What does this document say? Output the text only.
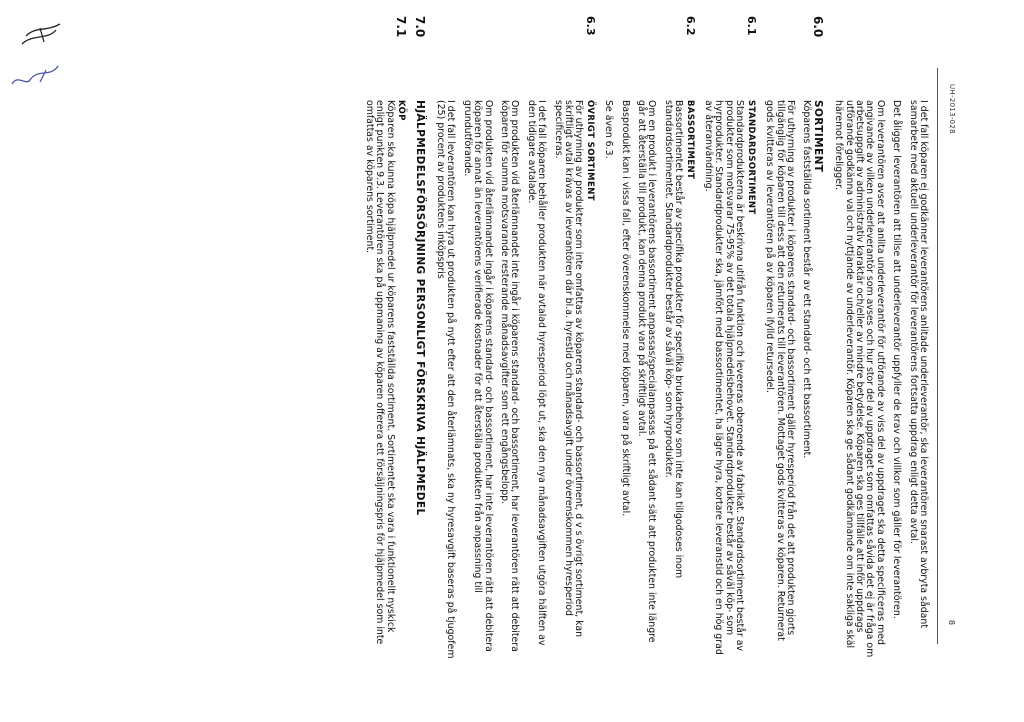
UH-2013-028
8

I det fall köparen ej godkänner leverantörens anlitade underleverantör, ska leverantören snarast avbryta sådant samarbete med aktuell underleverantör för leverantörens fortsatta uppdrag enligt detta avtal.

Det åligger leverantören att tillse att underleverantör uppfyller de krav och villkor som gäller för leverantören.

Om leverantören avser att anlita underleverantör för utförande av viss del av uppdraget ska detta specificeras med angivande av vilken underleverantör som avses och hur stor del av uppdraget som omfattas såvida det ej är fråga om arbetsuppgift av administrativ karaktär och/eller av mindre betydelse. Köparen ska ges tillfälle att inför uppdrags utförande godkänna val och nyttjande av underleverantör. Köparen ska ge sådant godkännande om inte sakliga skäl häremot föreligger.

6.0
SORTIMENT

Köparens fastställda sortiment består av ett standard- och ett bassortiment.

För uthyrning av produkter i köparens standard- och bassortiment gäller hyresperiod från det att produkten gjorts tillgänglig för köparen till dess att den returnerats till leverantören. Mottaget gods kvitteras av köparen. Returnerat gods kvitteras av leverantören på av köparen ifylld retursedel.

6.1
STANDARDSORTIMENT

Standardprodukterna är beskrivna utifrån funktion och levereras oberoende av fabrikat. Standardsortiment består av produkter som motsvarar 75-95% av det totala hjälpmedelsbehovet. Standardprodukter består av såväl köp- som hyrprodukter. Standardprodukter ska, jämfört med bassortimentet, ha lägre hyra, kortare leveranstid och en hög grad av återanvändning.

6.2
BASSORTIMENT

Bassortimentet består av specifika produkter för specifika brukarbehov som inte kan tillgodoses inom standardsortimentet. Standardprodukter består av såväl köp- som hyrprodukter.

Om en produkt i leverantörens bassortiment anpassas/specialanpassas på ett sådant sätt att produkten inte längre går att återställa till produkt, kan denna produkt vara på skriftligt avtal.

Basprodukt kan i vissa fall, efter överenskommelse med köparen, vara på skriftligt avtal.

Se även 6.3.

6.3
ÖVRIGT SORTIMENT

För uthyrning av produkter som inte omfattas av köparens standard- och bassortiment, d v s övrigt sortiment, kan skriftligt avtal krävas av leverantören där bl.a. hyrestid och månadsavgift under överenskommen hyresperiod specificeras.

I det fall köparen behåller produkten när avtalad hyresperiod löpt ut, ska den nya månadsavgiften utgöra hälften av den tidigare avtalade.

Om produkten vid återlämnandet inte ingår i köparens standard- och bassortiment, har leverantören rätt att debitera köparen för summa motsvarande resterande månadsavgifter som ett engångsbelopp.

Om produkten vid återlämnandet ingår i köparens standard- och bassortiment, har inte leverantören rätt att debitera köparen för annat än leverantörens verifierade kostnader för att återställa produkten från anpassning till grundutförande.

I det fall leverantören kan hyra ut produkten på nytt efter att den återlämnats, ska ny hyresavgift baseras på tjugofem (25) procent av produktens inköpspris

7.0
HJÄLPMEDELSFÖRSÖRJNING PERSONLIGT FÖRSKRIVA HJÄLPMEDEL
7.1
KÖP

Köparen ska kunna köpa hjälpmedel ur köparens fastställda sortiment. Sortimentet ska vara i funktionellt nyskick enligt punkten 9.3. Leverantören ska på uppmaning av köparen offerera ett försäljningspris för hjälpmedel som inte omfattas av köparens sortiment.
